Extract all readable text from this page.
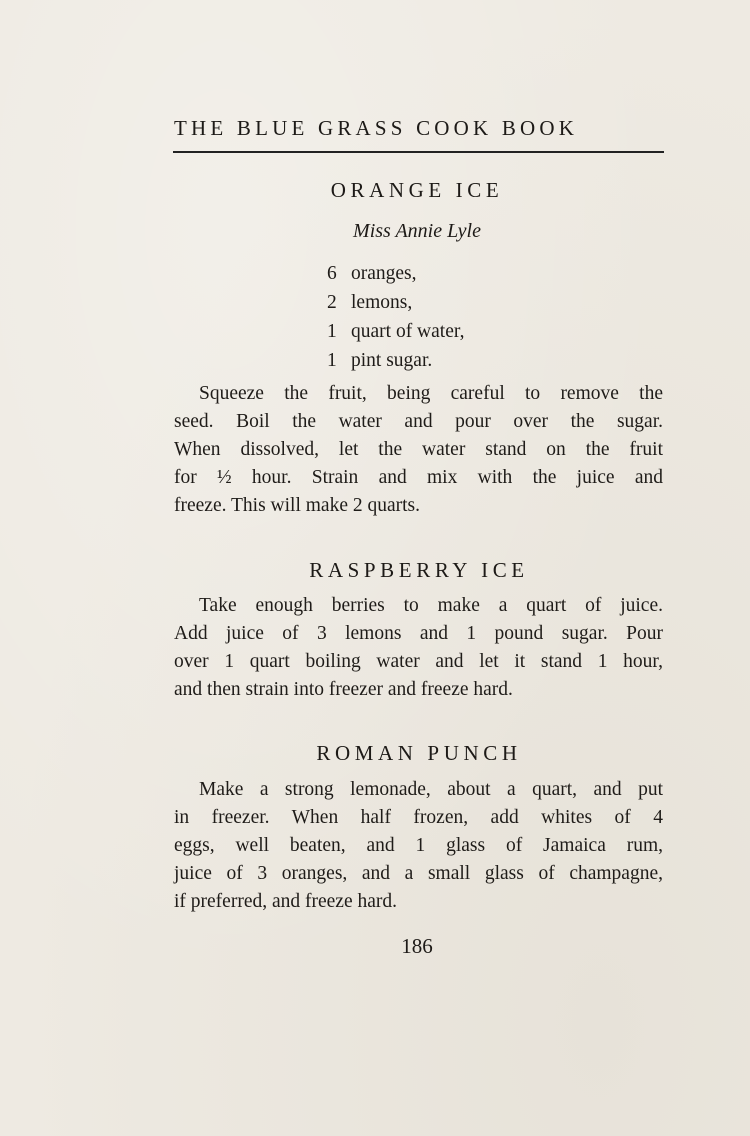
THE BLUE GRASS COOK BOOK
ORANGE ICE
Miss Annie Lyle
6 oranges,
2 lemons,
1 quart of water,
1 pint sugar.

Squeeze the fruit, being careful to remove the
seed. Boil the water and pour over the sugar.
When dissolved, let the water stand on the fruit
for ½ hour. Strain and mix with the juice and
freeze. This will make 2 quarts.

RASPBERRY ICE

Take enough berries to make a quart of juice.
Add juice of 3 lemons and 1 pound sugar. Pour
over 1 quart boiling water and let it stand 1 hour,
and then strain into freezer and freeze hard.

ROMAN PUNCH

Make a strong lemonade, about a quart, and put
in freezer. When half frozen, add whites of 4
eggs, well beaten, and 1 glass of Jamaica rum,
juice of 3 oranges, and a small glass of champagne,
if preferred, and freeze hard.

186
